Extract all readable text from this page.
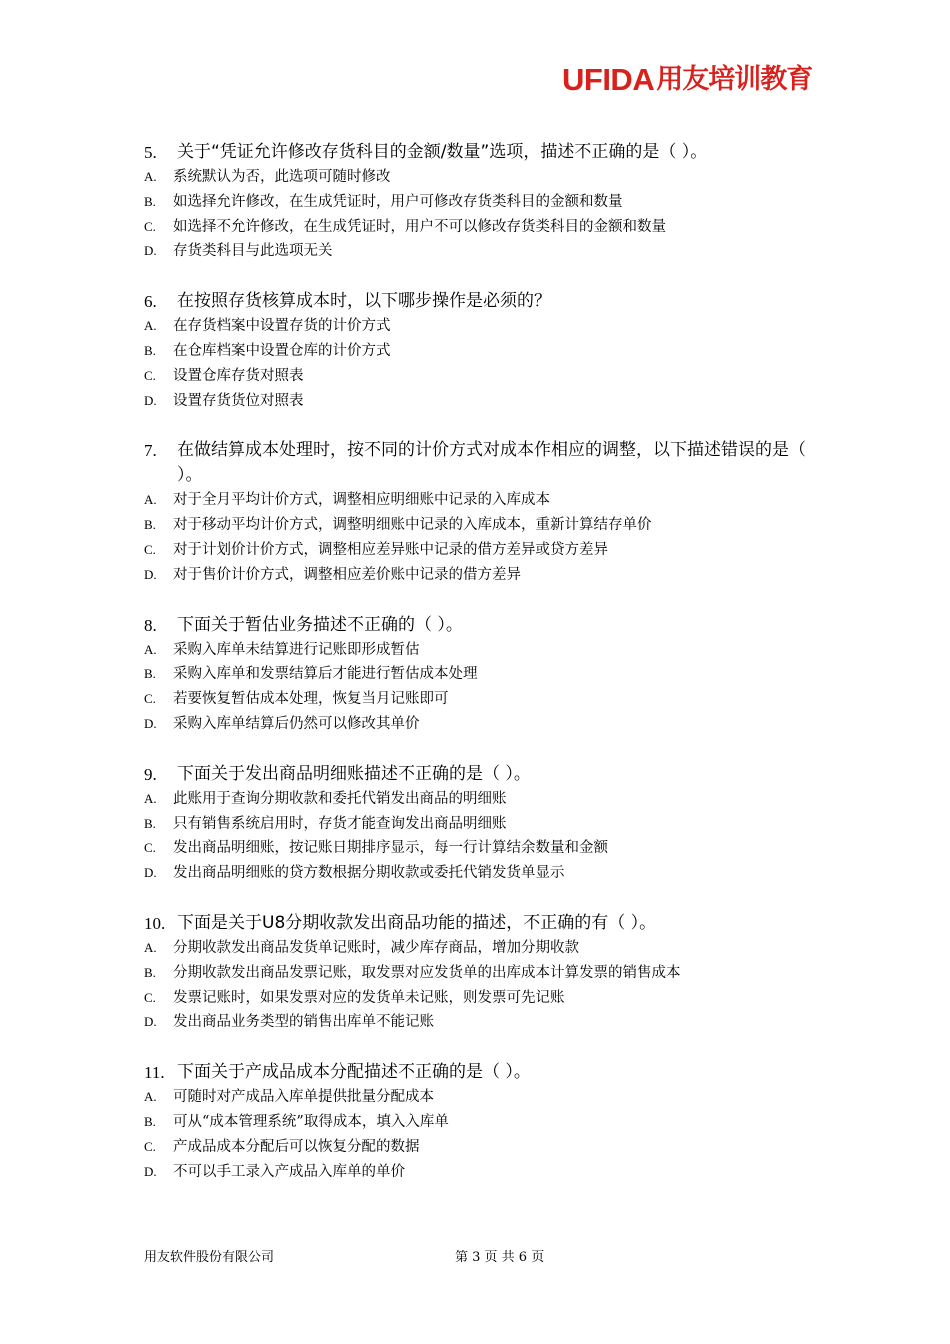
UFIDA 用友培训教育
5.	关于“凭证允许修改存货科目的金额/数量”选项，描述不正确的是（ ）。
A.	系统默认为否，此选项可随时修改
B.	如选择允许修改，在生成凭证时，用户可修改存货类科目的金额和数量
C.	如选择不允许修改，在生成凭证时，用户不可以修改存货类科目的金额和数量
D.	存货类科目与此选项无关
6.	在按照存货核算成本时，以下哪步操作是必须的？
A.	在存货档案中设置存货的计价方式
B.	在仓库档案中设置仓库的计价方式
C.	设置仓库存货对照表
D.	设置存货货位对照表
7.	在做结算成本处理时，按不同的计价方式对成本作相应的调整，以下描述错误的是（ ）。
A.	对于全月平均计价方式，调整相应明细账中记录的入库成本
B.	对于移动平均计价方式，调整明细账中记录的入库成本，重新计算结存单价
C.	对于计划价计价方式，调整相应差异账中记录的借方差异或贷方差异
D.	对于售价计价方式，调整相应差价账中记录的借方差异
8.	下面关于暂估业务描述不正确的（ ）。
A.	采购入库单未结算进行记账即形成暂估
B.	采购入库单和发票结算后才能进行暂估成本处理
C.	若要恢复暂估成本处理，恢复当月记账即可
D.	采购入库单结算后仍然可以修改其单价
9.	下面关于发出商品明细账描述不正确的是（ ）。
A.	此账用于查询分期收款和委托代销发出商品的明细账
B.	只有销售系统启用时，存货才能查询发出商品明细账
C.	发出商品明细账，按记账日期排序显示，每一行计算结余数量和金额
D.	发出商品明细账的贷方数根据分期收款或委托代销发货单显示
10. 下面是关于U8分期收款发出商品功能的描述，不正确的有（ ）。
A.	分期收款发出商品发货单记账时，减少库存商品，增加分期收款
B.	分期收款发出商品发票记账，取发票对应发货单的出库成本计算发票的销售成本
C.	发票记账时，如果发票对应的发货单未记账，则发票可先记账
D.	发出商品业务类型的销售出库单不能记账
11. 下面关于产成品成本分配描述不正确的是（ ）。
A.	可随时对产成品入库单提供批量分配成本
B.	可从“成本管理系统”取得成本，填入入库单
C.	产成品成本分配后可以恢复分配的数据
D.	不可以手工录入产成品入库单的单价
用友软件股份有限公司	第 3 页 共 6 页
